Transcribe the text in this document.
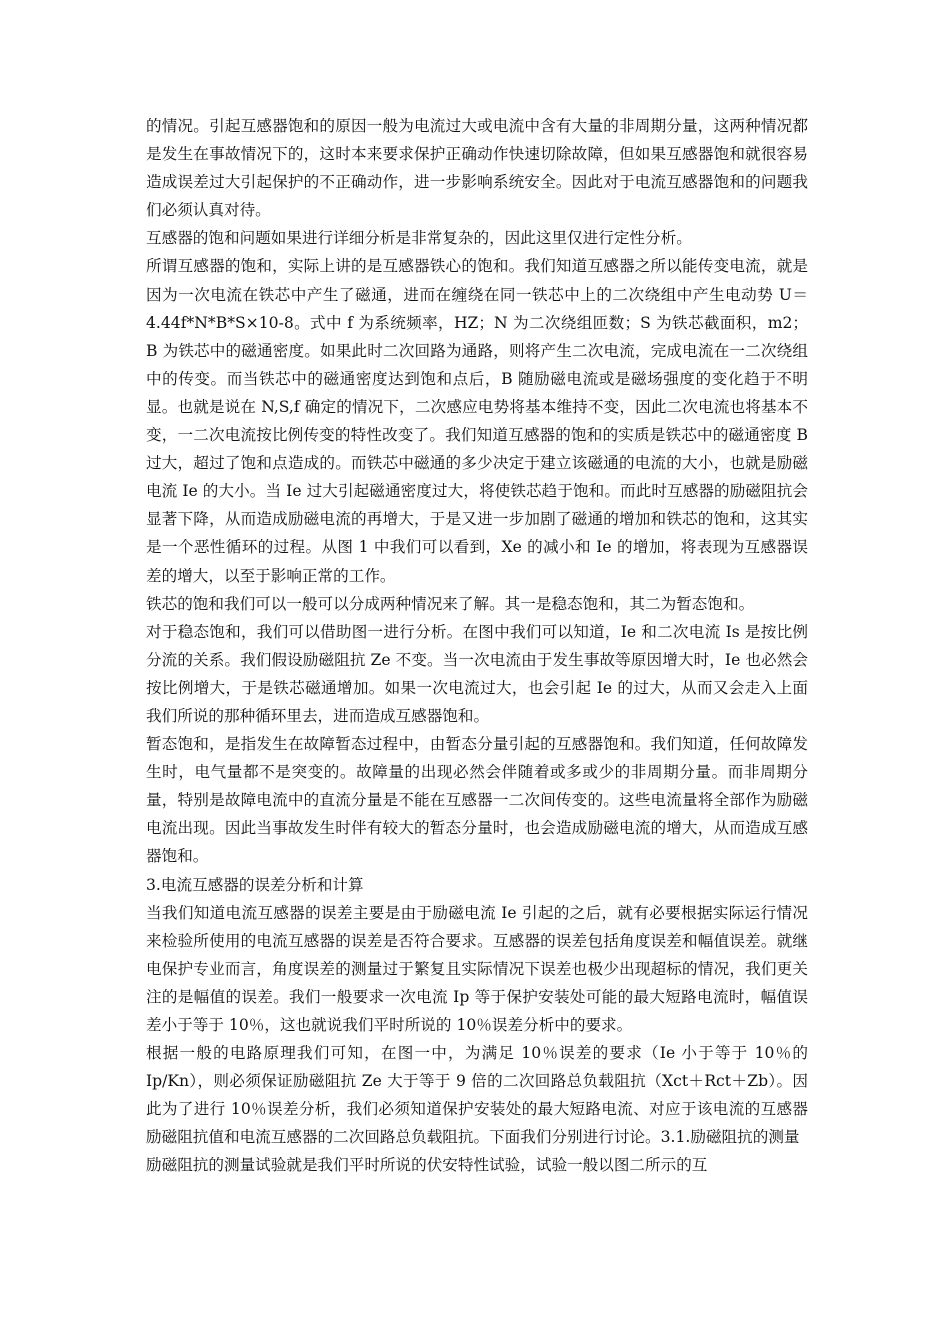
的情况。引起互感器饱和的原因一般为电流过大或电流中含有大量的非周期分量，这两种情况都是发生在事故情况下的，这时本来要求保护正确动作快速切除故障，但如果互感器饱和就很容易造成误差过大引起保护的不正确动作，进一步影响系统安全。因此对于电流互感器饱和的问题我们必须认真对待。

互感器的饱和问题如果进行详细分析是非常复杂的，因此这里仅进行定性分析。

所谓互感器的饱和，实际上讲的是互感器铁心的饱和。我们知道互感器之所以能传变电流，就是因为一次电流在铁芯中产生了磁通，进而在缠绕在同一铁芯中上的二次绕组中产生电动势 U＝4.44f*N*B*S×10-8。式中 f 为系统频率，HZ；N 为二次绕组匝数；S 为铁芯截面积，m2；B 为铁芯中的磁通密度。如果此时二次回路为通路，则将产生二次电流，完成电流在一二次绕组中的传变。而当铁芯中的磁通密度达到饱和点后，B 随励磁电流或是磁场强度的变化趋于不明显。也就是说在 N,S,f 确定的情况下，二次感应电势将基本维持不变，因此二次电流也将基本不变，一二次电流按比例传变的特性改变了。我们知道互感器的饱和的实质是铁芯中的磁通密度 B 过大，超过了饱和点造成的。而铁芯中磁通的多少决定于建立该磁通的电流的大小，也就是励磁电流 Ie 的大小。当 Ie 过大引起磁通密度过大，将使铁芯趋于饱和。而此时互感器的励磁阻抗会显著下降，从而造成励磁电流的再增大，于是又进一步加剧了磁通的增加和铁芯的饱和，这其实是一个恶性循环的过程。从图 1 中我们可以看到，Xe 的减小和 Ie 的增加，将表现为互感器误差的增大，以至于影响正常的工作。

铁芯的饱和我们可以一般可以分成两种情况来了解。其一是稳态饱和，其二为暂态饱和。

对于稳态饱和，我们可以借助图一进行分析。在图中我们可以知道，Ie 和二次电流 Is 是按比例分流的关系。我们假设励磁阻抗 Ze 不变。当一次电流由于发生事故等原因增大时，Ie 也必然会按比例增大，于是铁芯磁通增加。如果一次电流过大，也会引起 Ie 的过大，从而又会走入上面我们所说的那种循环里去，进而造成互感器饱和。

暂态饱和，是指发生在故障暂态过程中，由暂态分量引起的互感器饱和。我们知道，任何故障发生时，电气量都不是突变的。故障量的出现必然会伴随着或多或少的非周期分量。而非周期分量，特别是故障电流中的直流分量是不能在互感器一二次间传变的。这些电流量将全部作为励磁电流出现。因此当事故发生时伴有较大的暂态分量时，也会造成励磁电流的增大，从而造成互感器饱和。

3.电流互感器的误差分析和计算

当我们知道电流互感器的误差主要是由于励磁电流 Ie 引起的之后，就有必要根据实际运行情况来检验所使用的电流互感器的误差是否符合要求。互感器的误差包括角度误差和幅值误差。就继电保护专业而言，角度误差的测量过于繁复且实际情况下误差也极少出现超标的情况，我们更关注的是幅值的误差。我们一般要求一次电流 Ip 等于保护安装处可能的最大短路电流时，幅值误差小于等于 10％，这也就说我们平时所说的 10％误差分析中的要求。

根据一般的电路原理我们可知，在图一中，为满足 10％误差的要求（Ie 小于等于 10％的 Ip/Kn），则必须保证励磁阻抗 Ze 大于等于 9 倍的二次回路总负载阻抗（Xct＋Rct＋Zb）。因此为了进行 10％误差分析，我们必须知道保护安装处的最大短路电流、对应于该电流的互感器励磁阻抗值和电流互感器的二次回路总负载阻抗。下面我们分别进行讨论。3.1.励磁阻抗的测量

励磁阻抗的测量试验就是我们平时所说的伏安特性试验，试验一般以图二所示的互
